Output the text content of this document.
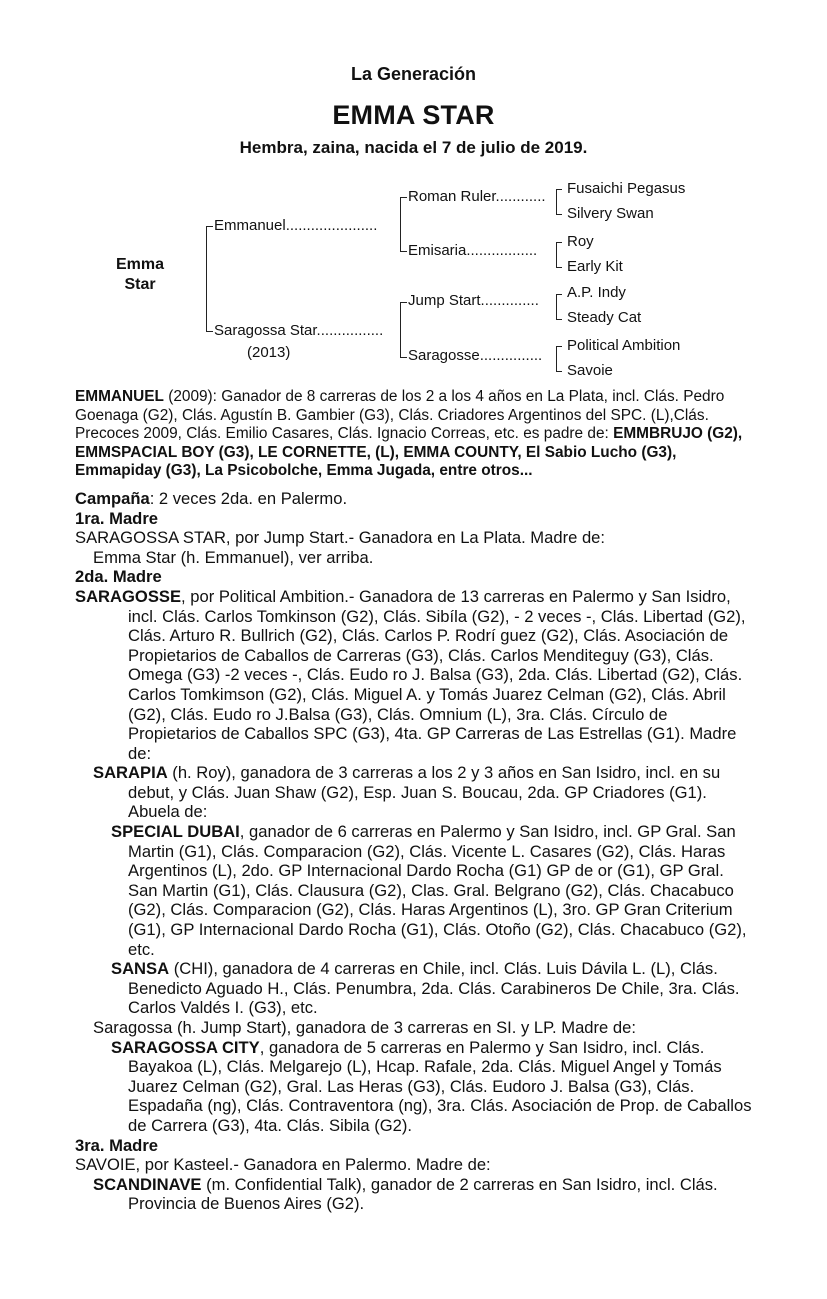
La Generación
EMMA STAR
Hembra, zaina, nacida el 7 de julio de 2019.
Emma Star
Emmanuel......................
Saragossa Star................
(2013)
Roman Ruler............
Emisaria.................
Jump Start..............
Saragosse...............
Fusaichi Pegasus
Silvery Swan
Roy
Early Kit
A.P. Indy
Steady Cat
Political Ambition
Savoie

EMMANUEL (2009): Ganador de 8 carreras de los 2 a los 4 años en La Plata, incl. Clás. Pedro Goenaga (G2), Clás. Agustín B. Gambier (G3), Clás. Criadores Argentinos del SPC. (L),Clás. Precoces 2009, Clás. Emilio Casares, Clás. Ignacio Correas, etc. es padre de: EMMBRUJO (G2), EMMSPACIAL BOY (G3), LE CORNETTE, (L), EMMA COUNTY, El Sabio Lucho (G3), Emmapiday (G3), La Psicobolche, Emma Jugada, entre otros...

Campaña: 2 veces 2da. en Palermo.

1ra. Madre

SARAGOSSA STAR, por Jump Start.- Ganadora en La Plata. Madre de:

Emma Star (h. Emmanuel), ver arriba.

2da. Madre

SARAGOSSE, por Political Ambition.- Ganadora de 13 carreras en Palermo y San Isidro, incl. Clás. Carlos Tomkinson (G2), Clás. Sibíla (G2), - 2 veces -, Clás. Libertad (G2), Clás. Arturo R. Bullrich (G2), Clás. Carlos P. Rodrí guez (G2), Clás. Asociación de Propietarios de Caballos de Carreras (G3), Clás. Carlos Menditeguy (G3), Clás. Omega (G3) -2 veces -, Clás. Eudo ro J. Balsa (G3), 2da. Clás. Libertad (G2), Clás. Carlos Tomkimson (G2), Clás. Miguel A. y Tomás Juarez Celman (G2), Clás. Abril (G2), Clás. Eudo ro J.Balsa (G3), Clás. Omnium (L), 3ra. Clás. Círculo de Propietarios de Caballos SPC (G3), 4ta. GP Carreras de Las Estrellas (G1). Madre de:

SARAPIA (h. Roy), ganadora de 3 carreras a los 2 y 3 años en San Isidro, incl. en su debut, y Clás. Juan Shaw (G2), Esp. Juan S. Boucau, 2da. GP Criadores (G1). Abuela de:

SPECIAL DUBAI, ganador de 6 carreras en Palermo y San Isidro, incl. GP Gral. San Martin (G1), Clás. Comparacion (G2), Clás. Vicente L. Casares (G2), Clás. Haras Argentinos (L), 2do. GP Internacional Dardo Rocha (G1) GP de or (G1), GP Gral. San Martin (G1), Clás. Clausura (G2), Clas. Gral. Belgrano (G2), Clás. Chacabuco (G2), Clás. Comparacion (G2), Clás. Haras Argentinos (L), 3ro. GP Gran Criterium (G1), GP Internacional Dardo Rocha (G1), Clás. Otoño (G2), Clás. Chacabuco (G2), etc.

SANSA (CHI), ganadora de 4 carreras en Chile, incl. Clás. Luis Dávila L. (L), Clás. Benedicto Aguado H., Clás. Penumbra, 2da. Clás. Carabineros De Chile, 3ra. Clás. Carlos Valdés I. (G3), etc.

Saragossa (h. Jump Start), ganadora de 3 carreras en SI. y LP. Madre de:

SARAGOSSA CITY, ganadora de 5 carreras en Palermo y San Isidro, incl. Clás. Bayakoa (L), Clás. Melgarejo (L), Hcap. Rafale, 2da. Clás. Miguel Angel y Tomás Juarez Celman (G2), Gral. Las Heras (G3), Clás. Eudoro J. Balsa (G3), Clás. Espadaña (ng), Clás. Contraventora (ng), 3ra. Clás. Asociación de Prop. de Caballos de Carrera (G3), 4ta. Clás. Sibila (G2).

3ra. Madre

SAVOIE, por Kasteel.- Ganadora en Palermo. Madre de:

SCANDINAVE (m. Confidential Talk), ganador de 2 carreras en San Isidro, incl. Clás. Provincia de Buenos Aires (G2).
